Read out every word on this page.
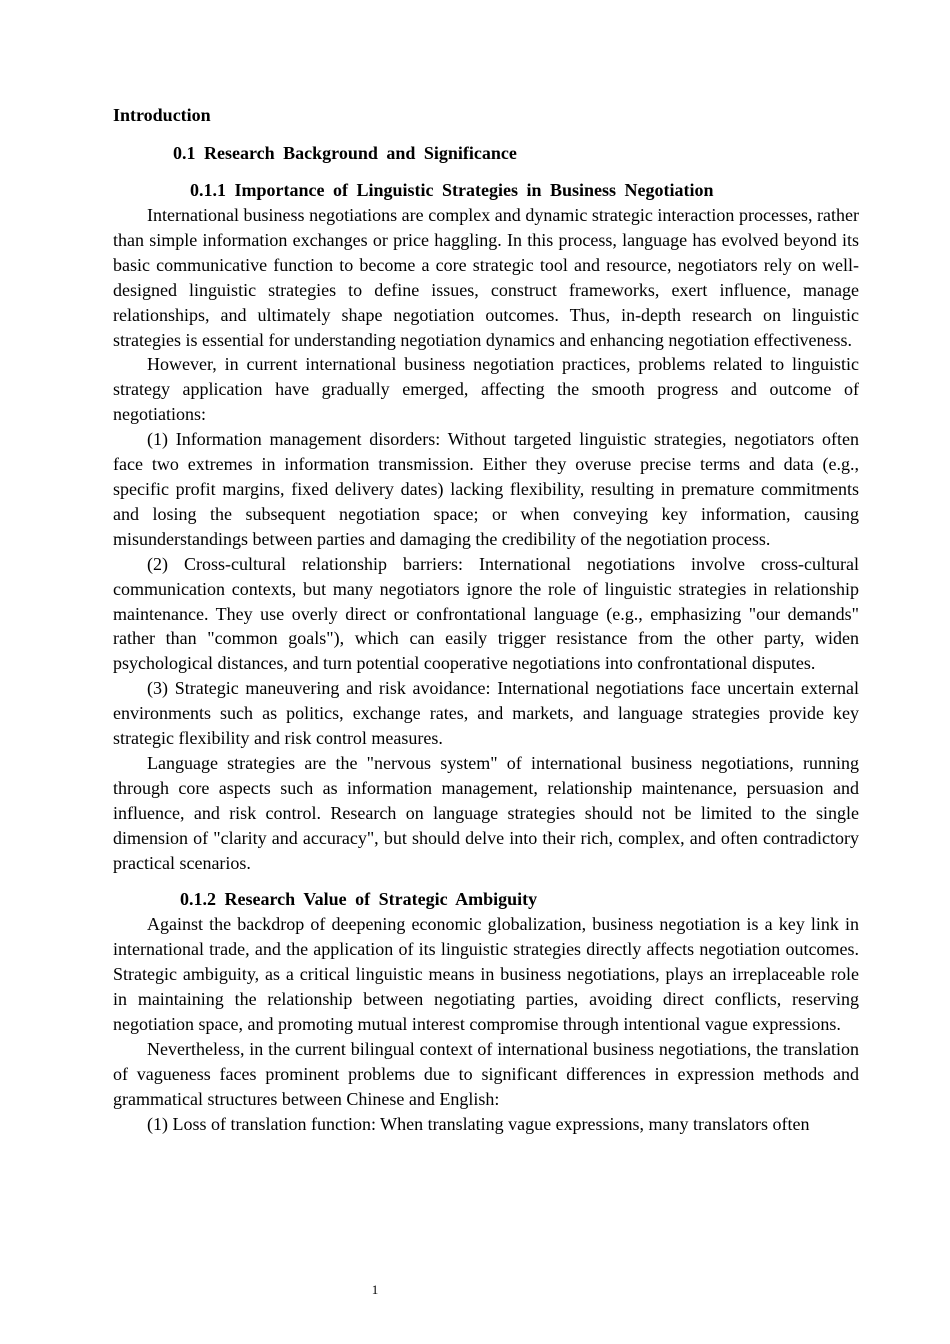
Introduction
0.1 Research Background and Significance
0.1.1 Importance of Linguistic Strategies in Business Negotiation

International business negotiations are complex and dynamic strategic interaction processes, rather than simple information exchanges or price haggling. In this process, language has evolved beyond its basic communicative function to become a core strategic tool and resource, negotiators rely on well-designed linguistic strategies to define issues, construct frameworks, exert influence, manage relationships, and ultimately shape negotiation outcomes. Thus, in-depth research on linguistic strategies is essential for understanding negotiation dynamics and enhancing negotiation effectiveness.

However, in current international business negotiation practices, problems related to linguistic strategy application have gradually emerged, affecting the smooth progress and outcome of negotiations:

(1) Information management disorders: Without targeted linguistic strategies, negotiators often face two extremes in information transmission. Either they overuse precise terms and data (e.g., specific profit margins, fixed delivery dates) lacking flexibility, resulting in premature commitments and losing the subsequent negotiation space; or when conveying key information, causing misunderstandings between parties and damaging the credibility of the negotiation process.

(2) Cross-cultural relationship barriers: International negotiations involve cross-cultural communication contexts, but many negotiators ignore the role of linguistic strategies in relationship maintenance. They use overly direct or confrontational language (e.g., emphasizing "our demands" rather than "common goals"), which can easily trigger resistance from the other party, widen psychological distances, and turn potential cooperative negotiations into confrontational disputes.

(3) Strategic maneuvering and risk avoidance: International negotiations face uncertain external environments such as politics, exchange rates, and markets, and language strategies provide key strategic flexibility and risk control measures.

Language strategies are the "nervous system" of international business negotiations, running through core aspects such as information management, relationship maintenance, persuasion and influence, and risk control. Research on language strategies should not be limited to the single dimension of "clarity and accuracy", but should delve into their rich, complex, and often contradictory practical scenarios.

0.1.2 Research Value of Strategic Ambiguity

Against the backdrop of deepening economic globalization, business negotiation is a key link in international trade, and the application of its linguistic strategies directly affects negotiation outcomes. Strategic ambiguity, as a critical linguistic means in business negotiations, plays an irreplaceable role in maintaining the relationship between negotiating parties, avoiding direct conflicts, reserving negotiation space, and promoting mutual interest compromise through intentional vague expressions.

Nevertheless, in the current bilingual context of international business negotiations, the translation of vagueness faces prominent problems due to significant differences in expression methods and grammatical structures between Chinese and English:

(1) Loss of translation function: When translating vague expressions, many translators often

1
